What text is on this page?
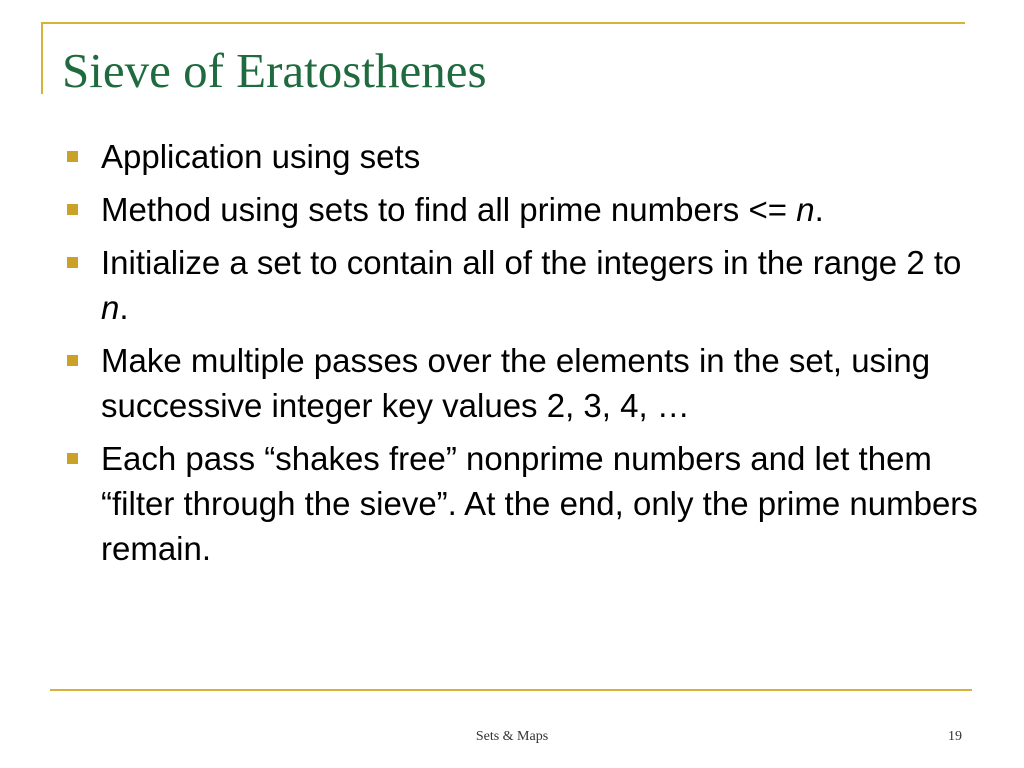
Sieve of Eratosthenes
Application using sets
Method using sets to find all prime numbers <= n.
Initialize a set to contain all of the integers in the range 2 to n.
Make multiple passes over the elements in the set, using successive integer key values 2, 3, 4, …
Each pass “shakes free” nonprime numbers and let them “filter through the sieve”. At the end, only the prime numbers remain.
Sets & Maps	19
